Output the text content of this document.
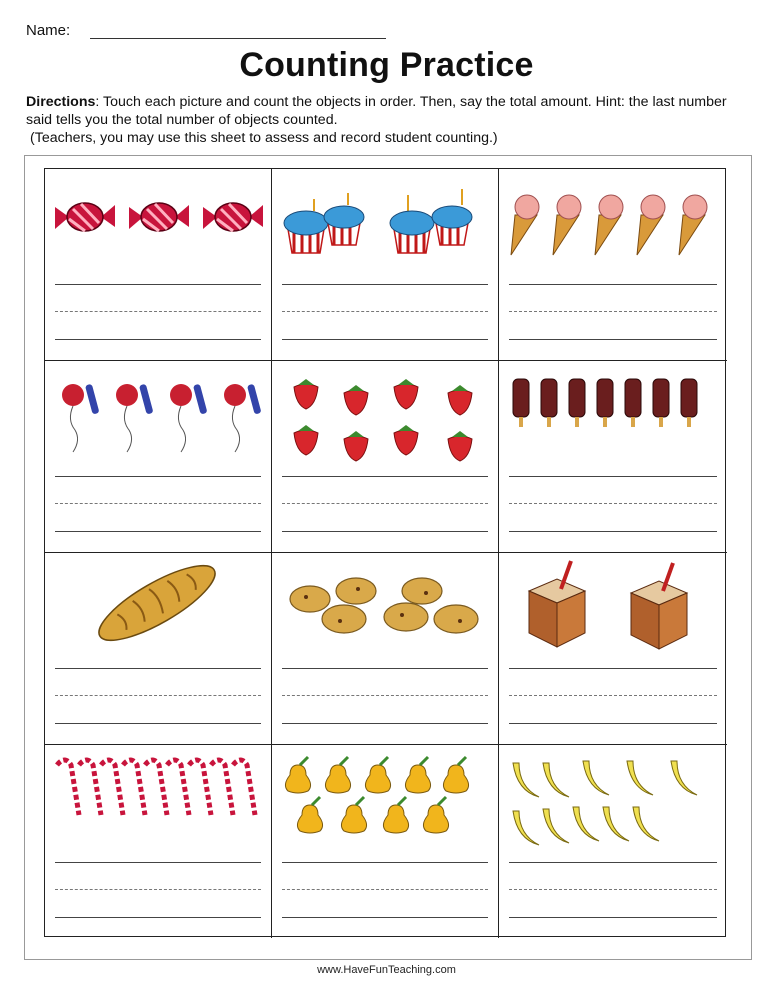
Name:
Counting Practice
Directions: Touch each picture and count the objects in order. Then, say the total amount. Hint: the last number said tells you the total number of objects counted.
(Teachers, you may use this sheet to assess and record student counting.)
www.HaveFunTeaching.com
